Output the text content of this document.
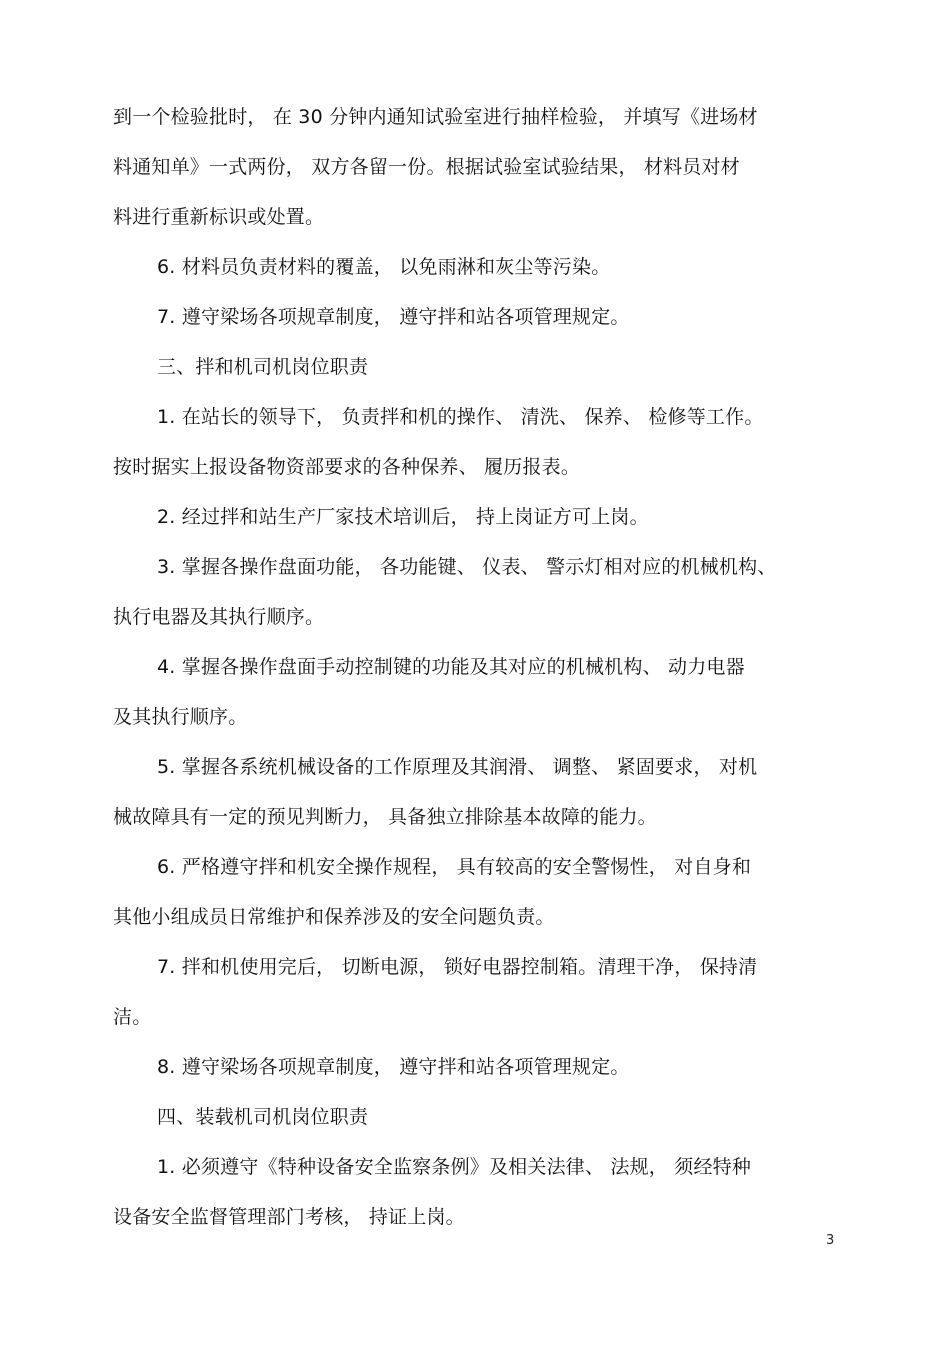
到一个检验批时， 在 30 分钟内通知试验室进行抽样检验， 并填写《进场材
料通知单》一式两份， 双方各留一份。根据试验室试验结果， 材料员对材
料进行重新标识或处置。
6. 材料员负责材料的覆盖， 以免雨淋和灰尘等污染。
7. 遵守梁场各项规章制度， 遵守拌和站各项管理规定。
三、拌和机司机岗位职责
1. 在站长的领导下， 负责拌和机的操作、 清洗、 保养、 检修等工作。
按时据实上报设备物资部要求的各种保养、 履历报表。
2. 经过拌和站生产厂家技术培训后， 持上岗证方可上岗。
3. 掌握各操作盘面功能， 各功能键、 仪表、 警示灯相对应的机械机构、
执行电器及其执行顺序。
4. 掌握各操作盘面手动控制键的功能及其对应的机械机构、 动力电器
及其执行顺序。
5. 掌握各系统机械设备的工作原理及其润滑、 调整、 紧固要求， 对机
械故障具有一定的预见判断力， 具备独立排除基本故障的能力。
6. 严格遵守拌和机安全操作规程， 具有较高的安全警惕性， 对自身和
其他小组成员日常维护和保养涉及的安全问题负责。
7. 拌和机使用完后， 切断电源， 锁好电器控制箱。清理干净， 保持清
洁。
8. 遵守梁场各项规章制度， 遵守拌和站各项管理规定。
四、装载机司机岗位职责
1. 必须遵守《特种设备安全监察条例》及相关法律、 法规， 须经特种
设备安全监督管理部门考核， 持证上岗。
3
